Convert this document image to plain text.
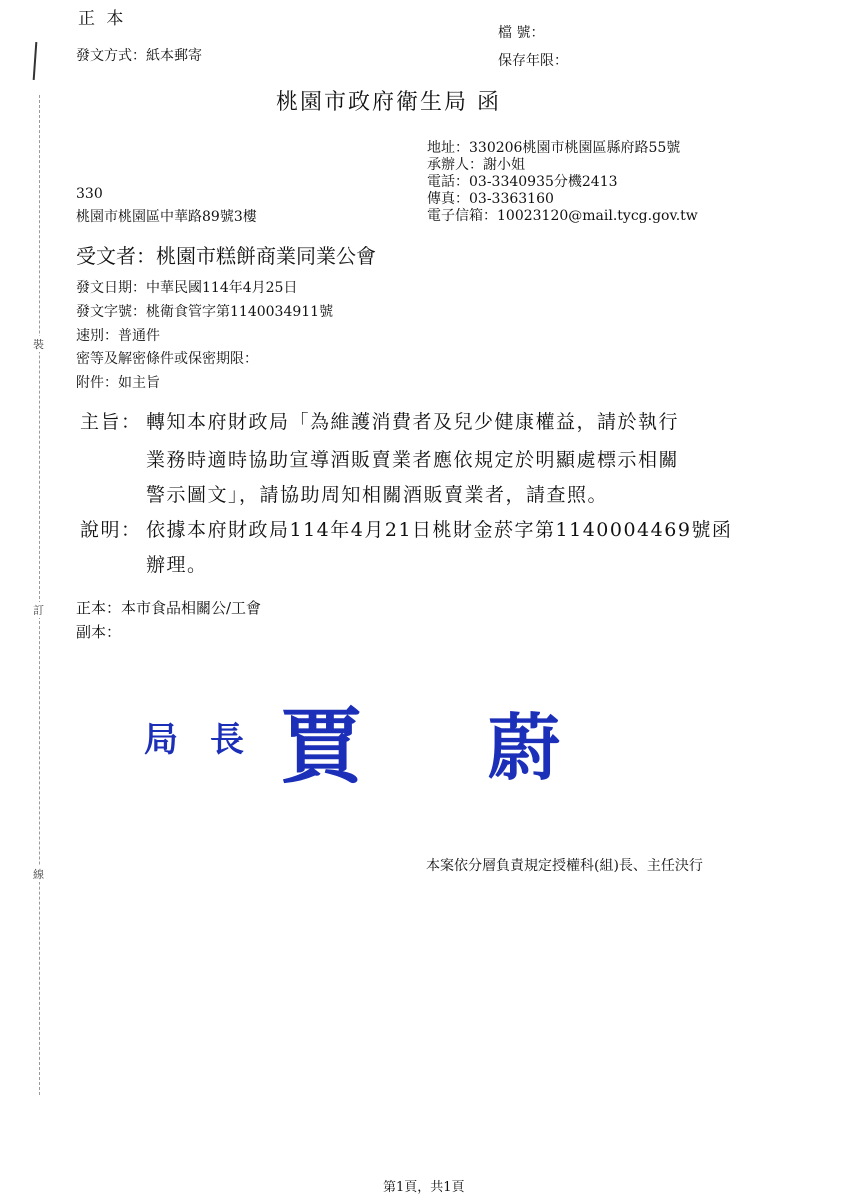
裝
訂
線
正 本
檔 號：
發文方式：紙本郵寄	保存年限：
桃園市政府衛生局 函
地址：330206桃園市桃園區縣府路55號
承辦人：謝小姐
電話：03-3340935分機2413
傳真：03-3363160
電子信箱：10023120@mail.tycg.gov.tw
330
桃園市桃園區中華路89號3樓
受文者：桃園市糕餅商業同業公會
發文日期：中華民國114年4月25日
發文字號：桃衛食管字第1140034911號
速別：普通件
密等及解密條件或保密期限：
附件：如主旨
主旨： 轉知本府財政局「為維護消費者及兒少健康權益，請於執行
業務時適時協助宣導酒販賣業者應依規定於明顯處標示相關
警示圖文」，請協助周知相關酒販賣業者，請查照。
說明： 依據本府財政局114年4月21日桃財金菸字第1140004469號函
辦理。
正本：本市食品相關公/工會
副本：
局 長 賈 蔚
本案依分層負責規定授權科(組)長、主任決行
第1頁，共1頁
